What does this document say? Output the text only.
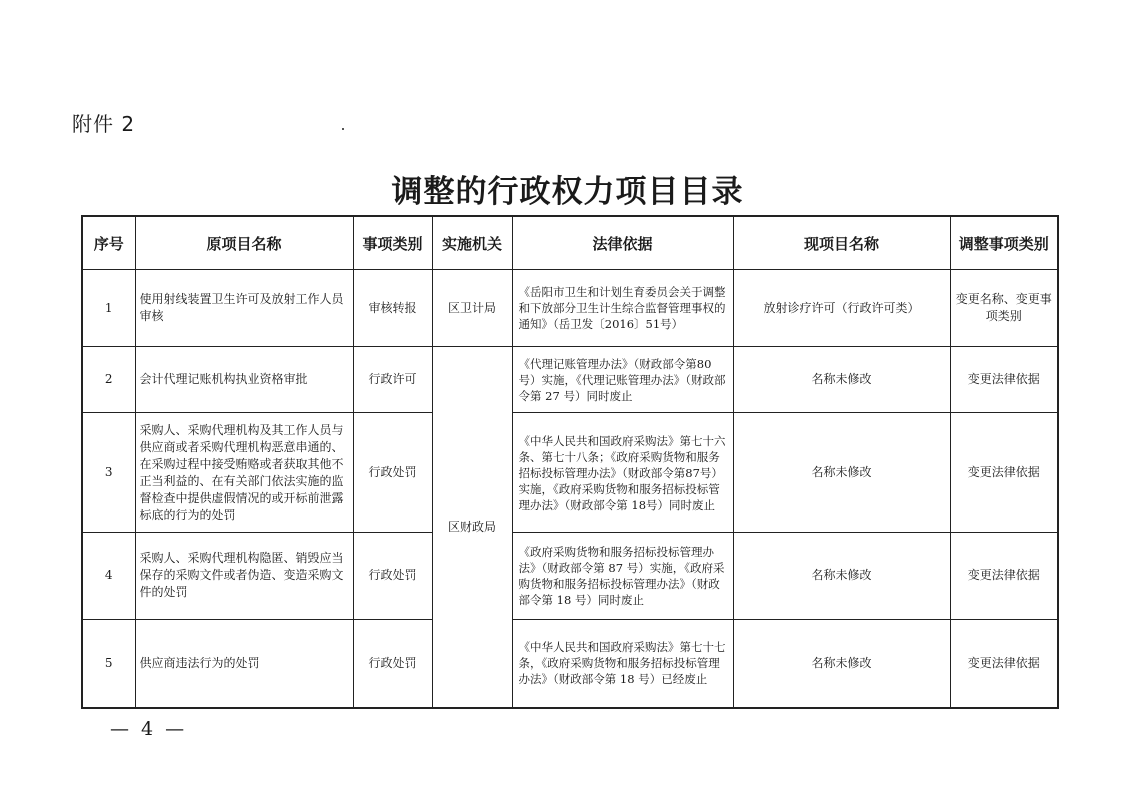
附件 2
调整的行政权力项目目录
序号	原项目名称	事项类别	实施机关	法律依据	现项目名称	调整事项类别
1	使用射线装置卫生许可及放射工作人员审核	审核转报	区卫计局	《岳阳市卫生和计划生育委员会关于调整和下放部分卫生计生综合监督管理事权的通知》（岳卫发〔2016〕51号）	放射诊疗许可（行政许可类）	变更名称、变更事项类别
2	会计代理记账机构执业资格审批	行政许可	区财政局	《代理记账管理办法》（财政部令第80号）实施，《代理记账管理办法》（财政部令第 27 号）同时废止	名称未修改	变更法律依据
3	采购人、采购代理机构及其工作人员与供应商或者采购代理机构恶意串通的、在采购过程中接受贿赂或者获取其他不正当利益的、在有关部门依法实施的监督检查中提供虚假情况的或开标前泄露标底的行为的处罚	行政处罚		《中华人民共和国政府采购法》第七十六条、第七十八条；《政府采购货物和服务招标投标管理办法》（财政部令第87号）实施，《政府采购货物和服务招标投标管理办法》（财政部令第 18号）同时废止	名称未修改	变更法律依据
4	采购人、采购代理机构隐匿、销毁应当保存的采购文件或者伪造、变造采购文件的处罚	行政处罚		《政府采购货物和服务招标投标管理办法》（财政部令第 87 号）实施，《政府采购货物和服务招标投标管理办法》（财政部令第 18 号）同时废止	名称未修改	变更法律依据
5	供应商违法行为的处罚	行政处罚		《中华人民共和国政府采购法》第七十七条，《政府采购货物和服务招标投标管理办法》（财政部令第 18 号）已经废止	名称未修改	变更法律依据
— 4 —
